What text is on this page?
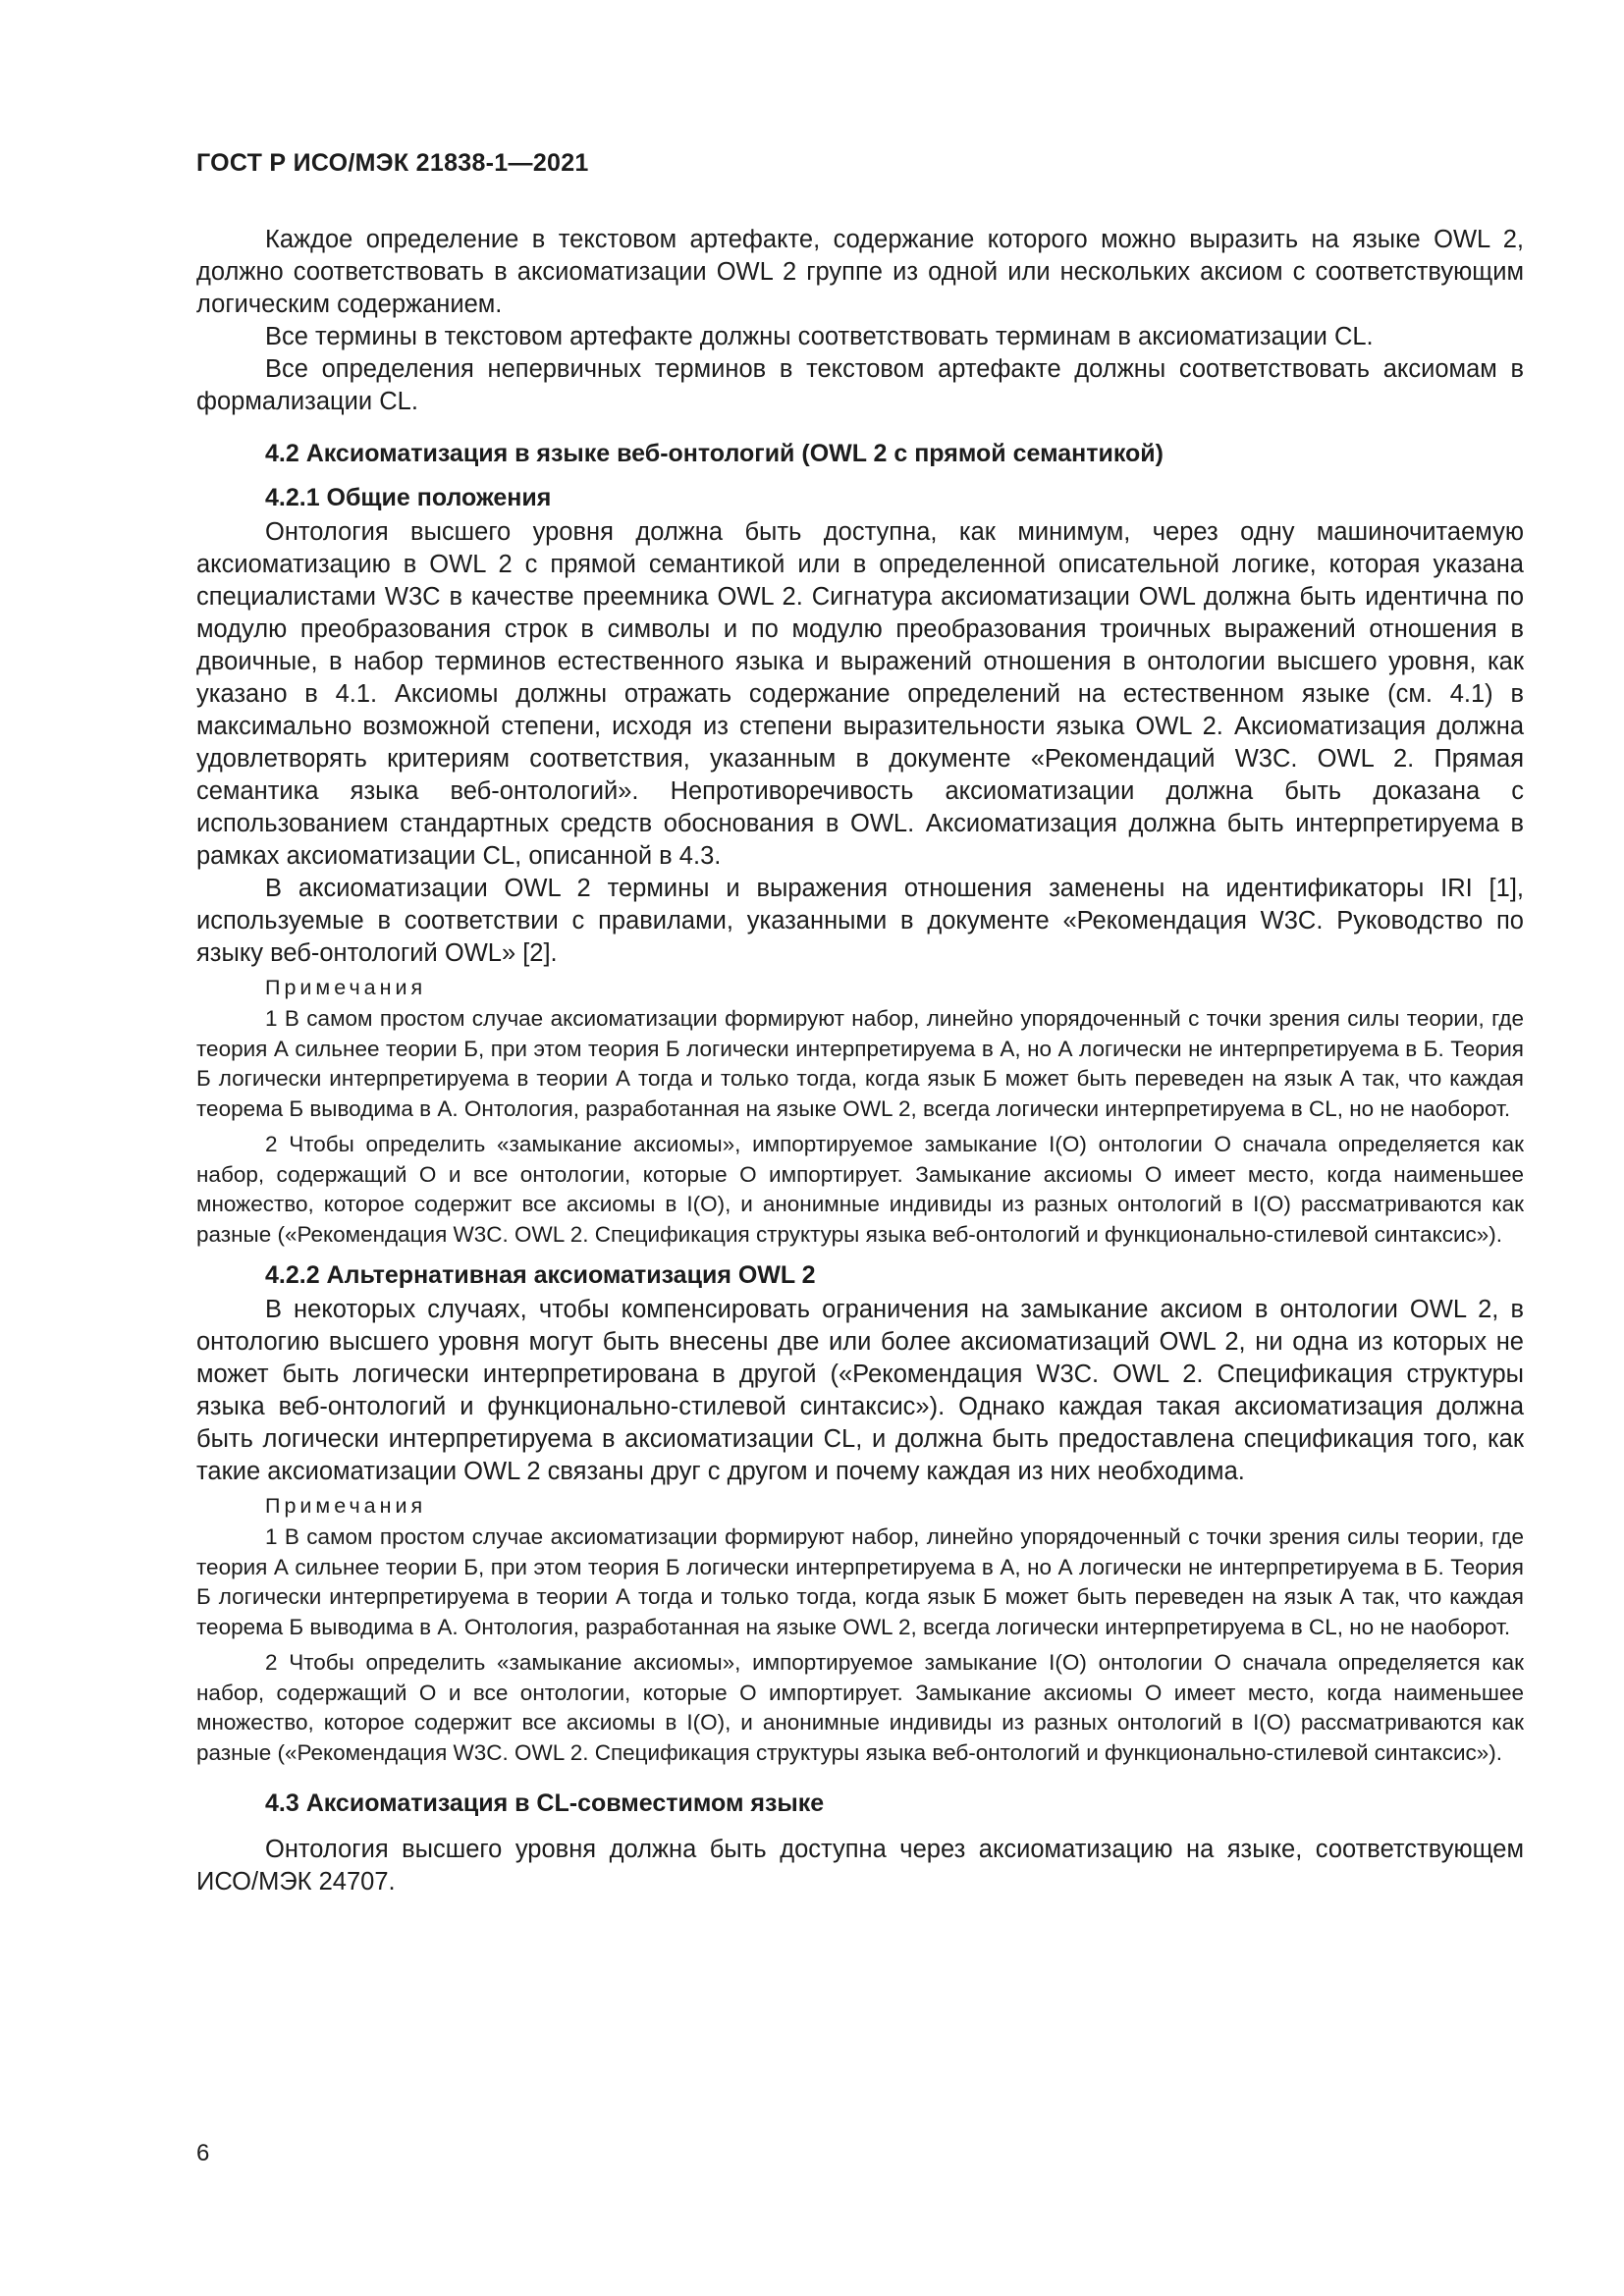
ГОСТ Р ИСО/МЭК 21838-1—2021

Каждое определение в текстовом артефакте, содержание которого можно выразить на языке OWL 2, должно соответствовать в аксиоматизации OWL 2 группе из одной или нескольких аксиом с соответствующим логическим содержанием.

Все термины в текстовом артефакте должны соответствовать терминам в аксиоматизации CL.

Все определения непервичных терминов в текстовом артефакте должны соответствовать аксиомам в формализации CL.

4.2 Аксиоматизация в языке веб-онтологий (OWL 2 с прямой семантикой)
4.2.1 Общие положения

Онтология высшего уровня должна быть доступна, как минимум, через одну машиночитаемую аксиоматизацию в OWL 2 с прямой семантикой или в определенной описательной логике, которая указана специалистами W3C в качестве преемника OWL 2. Сигнатура аксиоматизации OWL должна быть идентична по модулю преобразования строк в символы и по модулю преобразования троичных выражений отношения в двоичные, в набор терминов естественного языка и выражений отношения в онтологии высшего уровня, как указано в 4.1. Аксиомы должны отражать содержание определений на естественном языке (см. 4.1) в максимально возможной степени, исходя из степени выразительности языка OWL 2. Аксиоматизация должна удовлетворять критериям соответствия, указанным в документе «Рекомендаций W3C. OWL 2. Прямая семантика языка веб-онтологий». Непротиворечивость аксиоматизации должна быть доказана с использованием стандартных средств обоснования в OWL. Аксиоматизация должна быть интерпретируема в рамках аксиоматизации CL, описанной в 4.3.

В аксиоматизации OWL 2 термины и выражения отношения заменены на идентификаторы IRI [1], используемые в соответствии с правилами, указанными в документе «Рекомендация W3C. Руководство по языку веб-онтологий OWL» [2].

Примечания

1 В самом простом случае аксиоматизации формируют набор, линейно упорядоченный с точки зрения силы теории, где теория А сильнее теории Б, при этом теория Б логически интерпретируема в А, но А логически не интерпретируема в Б. Теория Б логически интерпретируема в теории А тогда и только тогда, когда язык Б может быть переведен на язык А так, что каждая теорема Б выводима в А. Онтология, разработанная на языке OWL 2, всегда логически интерпретируема в CL, но не наоборот.

2 Чтобы определить «замыкание аксиомы», импортируемое замыкание I(O) онтологии O сначала определяется как набор, содержащий O и все онтологии, которые O импортирует. Замыкание аксиомы O имеет место, когда наименьшее множество, которое содержит все аксиомы в I(O), и анонимные индивиды из разных онтологий в I(O) рассматриваются как разные («Рекомендация W3C. OWL 2. Спецификация структуры языка веб-онтологий и функционально-стилевой синтаксис»).

4.2.2 Альтернативная аксиоматизация OWL 2

В некоторых случаях, чтобы компенсировать ограничения на замыкание аксиом в онтологии OWL 2, в онтологию высшего уровня могут быть внесены две или более аксиоматизаций OWL 2, ни одна из которых не может быть логически интерпретирована в другой («Рекомендация W3C. OWL 2. Спецификация структуры языка веб-онтологий и функционально-стилевой синтаксис»). Однако каждая такая аксиоматизация должна быть логически интерпретируема в аксиоматизации CL, и должна быть предоставлена спецификация того, как такие аксиоматизации OWL 2 связаны друг с другом и почему каждая из них необходима.

Примечания

1 В самом простом случае аксиоматизации формируют набор, линейно упорядоченный с точки зрения силы теории, где теория А сильнее теории Б, при этом теория Б логически интерпретируема в А, но А логически не интерпретируема в Б. Теория Б логически интерпретируема в теории А тогда и только тогда, когда язык Б может быть переведен на язык А так, что каждая теорема Б выводима в А. Онтология, разработанная на языке OWL 2, всегда логически интерпретируема в CL, но не наоборот.

2 Чтобы определить «замыкание аксиомы», импортируемое замыкание I(O) онтологии O сначала определяется как набор, содержащий O и все онтологии, которые O импортирует. Замыкание аксиомы O имеет место, когда наименьшее множество, которое содержит все аксиомы в I(O), и анонимные индивиды из разных онтологий в I(O) рассматриваются как разные («Рекомендация W3C. OWL 2. Спецификация структуры языка веб-онтологий и функционально-стилевой синтаксис»).

4.3 Аксиоматизация в CL-совместимом языке

Онтология высшего уровня должна быть доступна через аксиоматизацию на языке, соответствующем ИСО/МЭК 24707.

6
